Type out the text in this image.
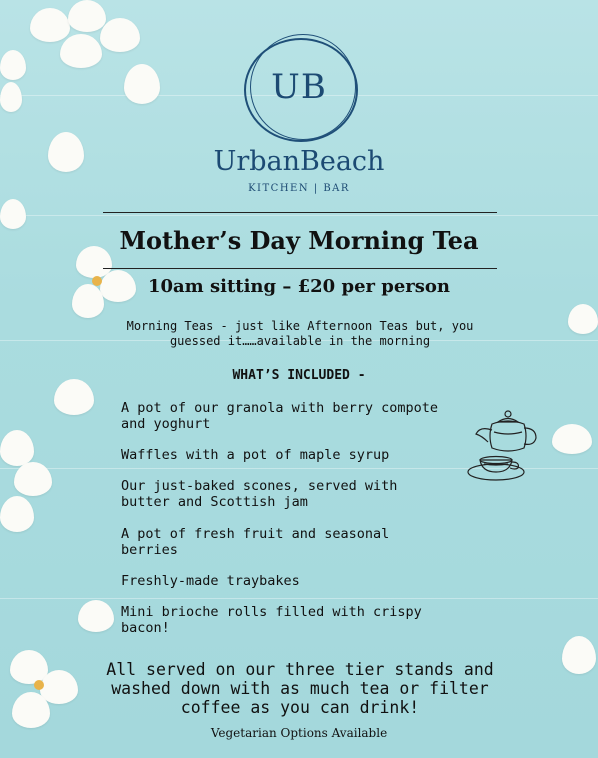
UB
UrbanBeach
KITCHEN | BAR
Mother’s Day Morning Tea
10am sitting – £20 per person
Morning Teas - just like Afternoon Teas but, you
guessed it……available in the morning
WHAT’S INCLUDED -
A pot of our granola with berry compote
and yoghurt
Waffles with a pot of maple syrup
Our just-baked scones, served with
butter and Scottish jam
A pot of fresh fruit and seasonal
berries
Freshly-made traybakes
Mini brioche rolls filled with crispy
bacon!
All served on our three tier stands and
washed down with as much tea or filter
coffee as you can drink!
Vegetarian Options Available
